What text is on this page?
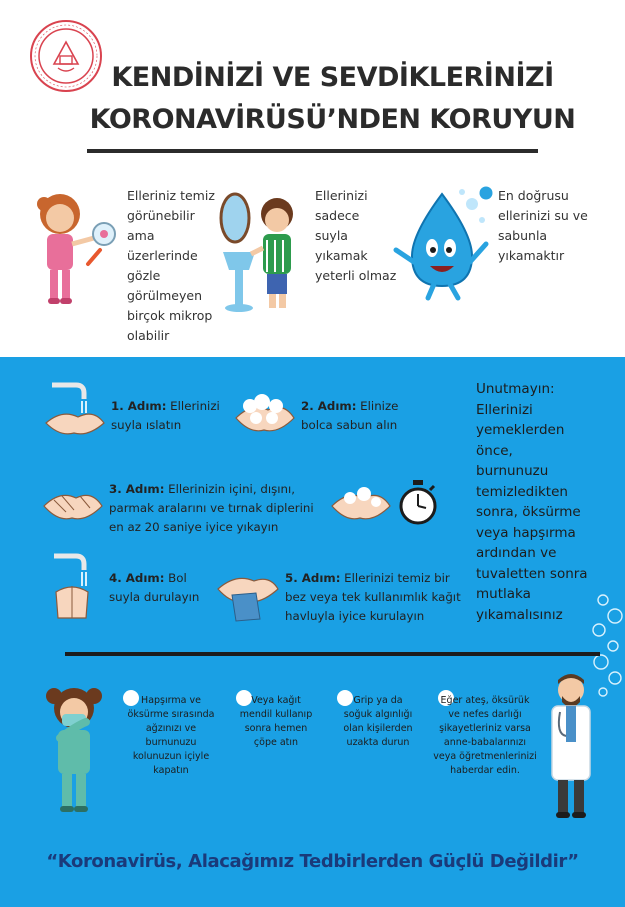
KENDİNİZİ VE SEVDİKLERİNİZİ
KORONAVİRÜSÜ’NDEN KORUYUN
Elleriniz temiz
görünebilir
ama
üzerlerinde
gözle
görülmeyen
birçok mikrop
olabilir
Ellerinizi
sadece
suyla
yıkamak
yeterli olmaz
En doğrusu
ellerinizi su ve
sabunla
yıkamaktır
1. Adım: Ellerinizi
suyla ıslatın
2. Adım: Elinize
bolca sabun alın
3. Adım: Ellerinizin içini, dışını,
parmak aralarını ve tırnak diplerini
en az 20 saniye iyice yıkayın
4. Adım: Bol
suyla durulayın
5. Adım: Ellerinizi temiz bir
bez veya tek kullanımlık kağıt
havluyla iyice kurulayın
Unutmayın:
Ellerinizi
yemeklerden
önce,
burnunuzu
temizledikten
sonra, öksürme
veya hapşırma
ardından ve
tuvaletten sonra
mutlaka
yıkamalısınız
Hapşırma ve
öksürme sırasında
ağzınızı ve
burnunuzu
kolunuzun içiyle
kapatın
Veya kağıt
mendil kullanıp
sonra hemen
çöpe atın
Grip ya da
soğuk algınlığı
olan kişilerden
uzakta durun
Eğer ateş, öksürük
ve nefes darlığı
şikayetleriniz varsa
anne-babalarınızı
veya öğretmenlerinizi
haberdar edin.
“Koronavirüs, Alacağımız Tedbirlerden Güçlü Değildir”
